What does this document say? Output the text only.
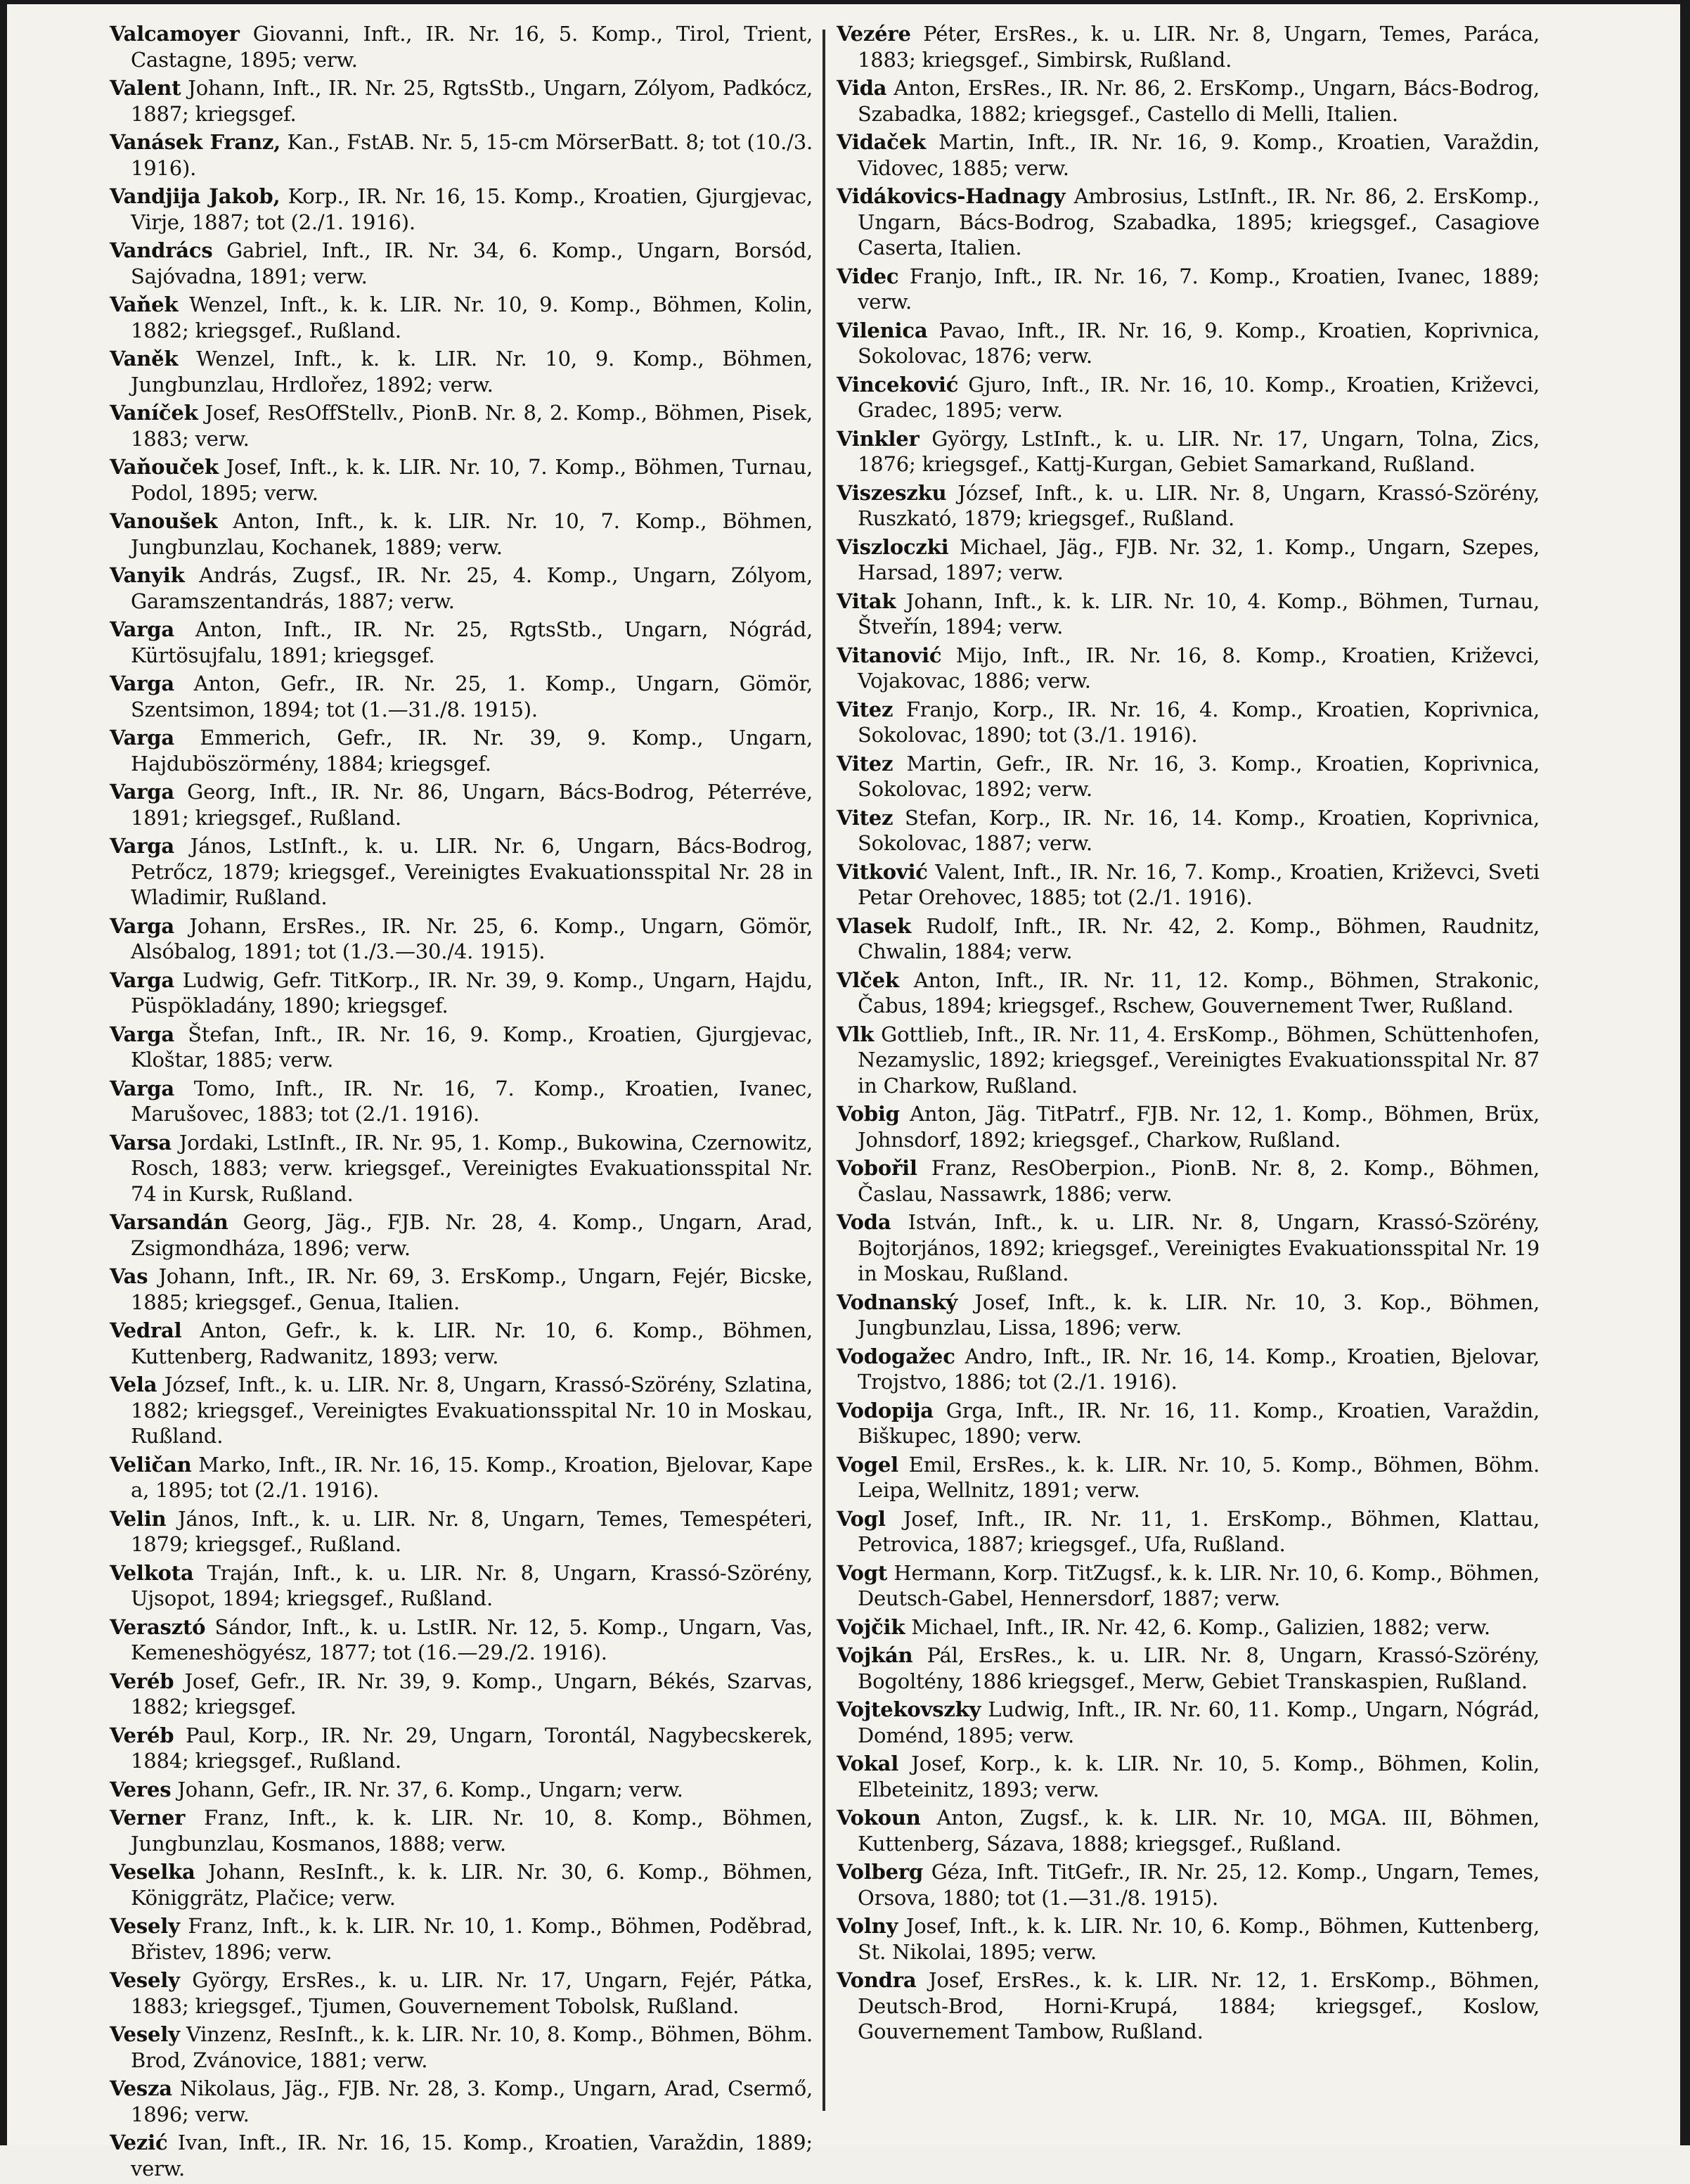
Valcamoyer Giovanni, Inft., IR. Nr. 16, 5. Komp., Tirol, Trient, Castagne, 1895; verw.

Valent Johann, Inft., IR. Nr. 25, RgtsStb., Ungarn, Zólyom, Padkócz, 1887; kriegsgef.

Vanásek Franz, Kan., FstAB. Nr. 5, 15-cm MörserBatt. 8; tot (10./3. 1916).

Vandjija Jakob, Korp., IR. Nr. 16, 15. Komp., Kroatien, Gjurgjevac, Virje, 1887; tot (2./1. 1916).

Vandrács Gabriel, Inft., IR. Nr. 34, 6. Komp., Ungarn, Borsód, Sajóvadna, 1891; verw.

Vaňek Wenzel, Inft., k. k. LIR. Nr. 10, 9. Komp., Böhmen, Kolin, 1882; kriegsgef., Rußland.

Vaněk Wenzel, Inft., k. k. LIR. Nr. 10, 9. Komp., Böhmen, Jungbunzlau, Hrdlořez, 1892; verw.

Vaníček Josef, ResOffStellv., PionB. Nr. 8, 2. Komp., Böhmen, Pisek, 1883; verw.

Vaňouček Josef, Inft., k. k. LIR. Nr. 10, 7. Komp., Böhmen, Turnau, Podol, 1895; verw.

Vanoušek Anton, Inft., k. k. LIR. Nr. 10, 7. Komp., Böhmen, Jungbunzlau, Kochanek, 1889; verw.

Vanyik András, Zugsf., IR. Nr. 25, 4. Komp., Ungarn, Zólyom, Garamszentandrás, 1887; verw.

Varga Anton, Inft., IR. Nr. 25, RgtsStb., Ungarn, Nógrád, Kürtösujfalu, 1891; kriegsgef.

Varga Anton, Gefr., IR. Nr. 25, 1. Komp., Ungarn, Gömör, Szentsimon, 1894; tot (1.—31./8. 1915).

Varga Emmerich, Gefr., IR. Nr. 39, 9. Komp., Ungarn, Hajduböszörmény, 1884; kriegsgef.

Varga Georg, Inft., IR. Nr. 86, Ungarn, Bács-Bodrog, Péterréve, 1891; kriegsgef., Rußland.

Varga János, LstInft., k. u. LIR. Nr. 6, Ungarn, Bács-Bodrog, Petrőcz, 1879; kriegsgef., Vereinigtes Evakuationsspital Nr. 28 in Wladimir, Rußland.

Varga Johann, ErsRes., IR. Nr. 25, 6. Komp., Ungarn, Gömör, Alsóbalog, 1891; tot (1./3.—30./4. 1915).

Varga Ludwig, Gefr. TitKorp., IR. Nr. 39, 9. Komp., Ungarn, Hajdu, Püspökladány, 1890; kriegsgef.

Varga Štefan, Inft., IR. Nr. 16, 9. Komp., Kroatien, Gjurgjevac, Kloštar, 1885; verw.

Varga Tomo, Inft., IR. Nr. 16, 7. Komp., Kroatien, Ivanec, Marušovec, 1883; tot (2./1. 1916).

Varsa Jordaki, LstInft., IR. Nr. 95, 1. Komp., Bukowina, Czernowitz, Rosch, 1883; verw. kriegsgef., Vereinigtes Evakuationsspital Nr. 74 in Kursk, Rußland.

Varsandán Georg, Jäg., FJB. Nr. 28, 4. Komp., Ungarn, Arad, Zsigmondháza, 1896; verw.

Vas Johann, Inft., IR. Nr. 69, 3. ErsKomp., Ungarn, Fejér, Bicske, 1885; kriegsgef., Genua, Italien.

Vedral Anton, Gefr., k. k. LIR. Nr. 10, 6. Komp., Böhmen, Kuttenberg, Radwanitz, 1893; verw.

Vela József, Inft., k. u. LIR. Nr. 8, Ungarn, Krassó-Szörény, Szlatina, 1882; kriegsgef., Vereinigtes Evakuationsspital Nr. 10 in Moskau, Rußland.

Veličan Marko, Inft., IR. Nr. 16, 15. Komp., Kroation, Bjelovar, Kape a, 1895; tot (2./1. 1916).

Velin János, Inft., k. u. LIR. Nr. 8, Ungarn, Temes, Temespéteri, 1879; kriegsgef., Rußland.

Velkota Traján, Inft., k. u. LIR. Nr. 8, Ungarn, Krassó-Szörény, Ujsopot, 1894; kriegsgef., Rußland.

Verasztó Sándor, Inft., k. u. LstIR. Nr. 12, 5. Komp., Ungarn, Vas, Kemeneshögyész, 1877; tot (16.—29./2. 1916).

Veréb Josef, Gefr., IR. Nr. 39, 9. Komp., Ungarn, Békés, Szarvas, 1882; kriegsgef.

Veréb Paul, Korp., IR. Nr. 29, Ungarn, Torontál, Nagybecskerek, 1884; kriegsgef., Rußland.

Veres Johann, Gefr., IR. Nr. 37, 6. Komp., Ungarn; verw.

Verner Franz, Inft., k. k. LIR. Nr. 10, 8. Komp., Böhmen, Jungbunzlau, Kosmanos, 1888; verw.

Veselka Johann, ResInft., k. k. LIR. Nr. 30, 6. Komp., Böhmen, Königgrätz, Plačice; verw.

Vesely Franz, Inft., k. k. LIR. Nr. 10, 1. Komp., Böhmen, Poděbrad, Břistev, 1896; verw.

Vesely György, ErsRes., k. u. LIR. Nr. 17, Ungarn, Fejér, Pátka, 1883; kriegsgef., Tjumen, Gouvernement Tobolsk, Rußland.

Vesely Vinzenz, ResInft., k. k. LIR. Nr. 10, 8. Komp., Böhmen, Böhm. Brod, Zvánovice, 1881; verw.

Vesza Nikolaus, Jäg., FJB. Nr. 28, 3. Komp., Ungarn, Arad, Csermő, 1896; verw.

Vezić Ivan, Inft., IR. Nr. 16, 15. Komp., Kroatien, Varaždin, 1889; verw.

Vezére Péter, ErsRes., k. u. LIR. Nr. 8, Ungarn, Temes, Paráca, 1883; kriegsgef., Simbirsk, Rußland.

Vida Anton, ErsRes., IR. Nr. 86, 2. ErsKomp., Ungarn, Bács-Bodrog, Szabadka, 1882; kriegsgef., Castello di Melli, Italien.

Vidaček Martin, Inft., IR. Nr. 16, 9. Komp., Kroatien, Varaždin, Vidovec, 1885; verw.

Vidákovics-Hadnagy Ambrosius, LstInft., IR. Nr. 86, 2. ErsKomp., Ungarn, Bács-Bodrog, Szabadka, 1895; kriegsgef., Casagiove Caserta, Italien.

Videc Franjo, Inft., IR. Nr. 16, 7. Komp., Kroatien, Ivanec, 1889; verw.

Vilenica Pavao, Inft., IR. Nr. 16, 9. Komp., Kroatien, Koprivnica, Sokolovac, 1876; verw.

Vinceković Gjuro, Inft., IR. Nr. 16, 10. Komp., Kroatien, Križevci, Gradec, 1895; verw.

Vinkler György, LstInft., k. u. LIR. Nr. 17, Ungarn, Tolna, Zics, 1876; kriegsgef., Kattj-Kurgan, Gebiet Samarkand, Rußland.

Viszeszku József, Inft., k. u. LIR. Nr. 8, Ungarn, Krassó-Szörény, Ruszkató, 1879; kriegsgef., Rußland.

Viszloczki Michael, Jäg., FJB. Nr. 32, 1. Komp., Ungarn, Szepes, Harsad, 1897; verw.

Vitak Johann, Inft., k. k. LIR. Nr. 10, 4. Komp., Böhmen, Turnau, Štveřín, 1894; verw.

Vitanović Mijo, Inft., IR. Nr. 16, 8. Komp., Kroatien, Križevci, Vojakovac, 1886; verw.

Vitez Franjo, Korp., IR. Nr. 16, 4. Komp., Kroatien, Koprivnica, Sokolovac, 1890; tot (3./1. 1916).

Vitez Martin, Gefr., IR. Nr. 16, 3. Komp., Kroatien, Koprivnica, Sokolovac, 1892; verw.

Vitez Stefan, Korp., IR. Nr. 16, 14. Komp., Kroatien, Koprivnica, Sokolovac, 1887; verw.

Vitković Valent, Inft., IR. Nr. 16, 7. Komp., Kroatien, Križevci, Sveti Petar Orehovec, 1885; tot (2./1. 1916).

Vlasek Rudolf, Inft., IR. Nr. 42, 2. Komp., Böhmen, Raudnitz, Chwalin, 1884; verw.

Vlček Anton, Inft., IR. Nr. 11, 12. Komp., Böhmen, Strakonic, Čabus, 1894; kriegsgef., Rschew, Gouvernement Twer, Rußland.

Vlk Gottlieb, Inft., IR. Nr. 11, 4. ErsKomp., Böhmen, Schüttenhofen, Nezamyslic, 1892; kriegsgef., Vereinigtes Evakuationsspital Nr. 87 in Charkow, Rußland.

Vobig Anton, Jäg. TitPatrf., FJB. Nr. 12, 1. Komp., Böhmen, Brüx, Johnsdorf, 1892; kriegsgef., Charkow, Rußland.

Vobořil Franz, ResOberpion., PionB. Nr. 8, 2. Komp., Böhmen, Časlau, Nassawrk, 1886; verw.

Voda István, Inft., k. u. LIR. Nr. 8, Ungarn, Krassó-Szörény, Bojtorjános, 1892; kriegsgef., Vereinigtes Evakuationsspital Nr. 19 in Moskau, Rußland.

Vodnanský Josef, Inft., k. k. LIR. Nr. 10, 3. Kop., Böhmen, Jungbunzlau, Lissa, 1896; verw.

Vodogažec Andro, Inft., IR. Nr. 16, 14. Komp., Kroatien, Bjelovar, Trojstvo, 1886; tot (2./1. 1916).

Vodopija Grga, Inft., IR. Nr. 16, 11. Komp., Kroatien, Varaždin, Biškupec, 1890; verw.

Vogel Emil, ErsRes., k. k. LIR. Nr. 10, 5. Komp., Böhmen, Böhm. Leipa, Wellnitz, 1891; verw.

Vogl Josef, Inft., IR. Nr. 11, 1. ErsKomp., Böhmen, Klattau, Petrovica, 1887; kriegsgef., Ufa, Rußland.

Vogt Hermann, Korp. TitZugsf., k. k. LIR. Nr. 10, 6. Komp., Böhmen, Deutsch-Gabel, Hennersdorf, 1887; verw.

Vojčik Michael, Inft., IR. Nr. 42, 6. Komp., Galizien, 1882; verw.

Vojkán Pál, ErsRes., k. u. LIR. Nr. 8, Ungarn, Krassó-Szörény, Bogoltény, 1886 kriegsgef., Merw, Gebiet Transkaspien, Rußland.

Vojtekovszky Ludwig, Inft., IR. Nr. 60, 11. Komp., Ungarn, Nógrád, Doménd, 1895; verw.

Vokal Josef, Korp., k. k. LIR. Nr. 10, 5. Komp., Böhmen, Kolin, Elbeteinitz, 1893; verw.

Vokoun Anton, Zugsf., k. k. LIR. Nr. 10, MGA. III, Böhmen, Kuttenberg, Sázava, 1888; kriegsgef., Rußland.

Volberg Géza, Inft. TitGefr., IR. Nr. 25, 12. Komp., Ungarn, Temes, Orsova, 1880; tot (1.—31./8. 1915).

Volny Josef, Inft., k. k. LIR. Nr. 10, 6. Komp., Böhmen, Kuttenberg, St. Nikolai, 1895; verw.

Vondra Josef, ErsRes., k. k. LIR. Nr. 12, 1. ErsKomp., Böhmen, Deutsch-Brod, Horni-Krupá, 1884; kriegsgef., Koslow, Gouvernement Tambow, Rußland.
